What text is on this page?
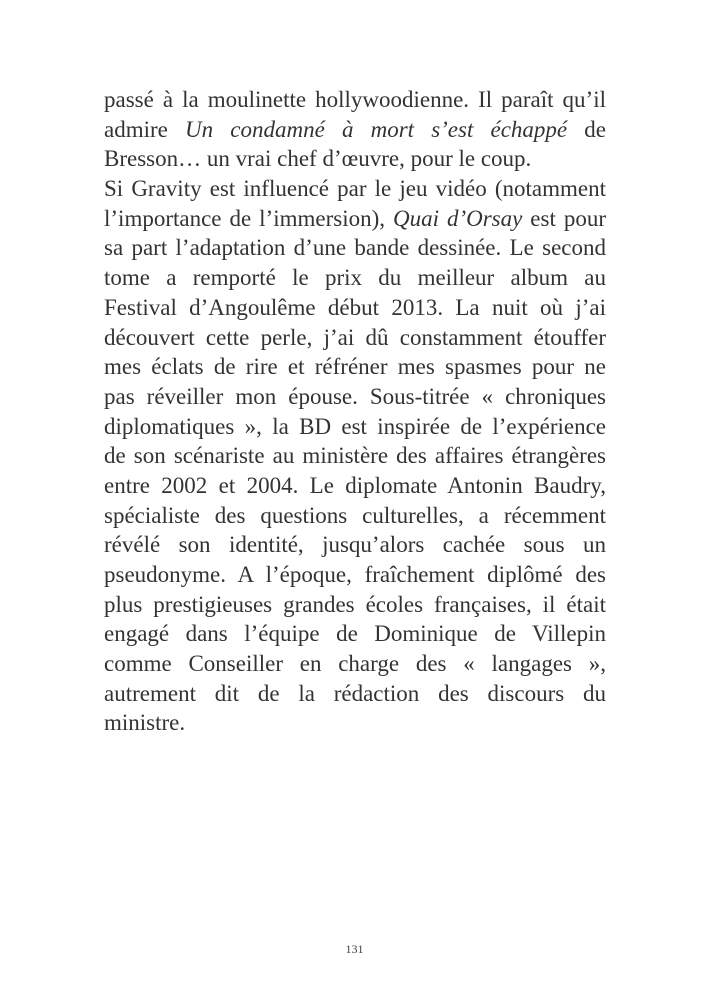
passé à la moulinette hollywoodienne. Il paraît qu’il
admire Un condamné à mort s’est échappé de
Bresson… un vrai chef d’œuvre, pour le coup.
Si Gravity est influencé par le jeu vidéo (notamment
l’importance de l’immersion), Quai d’Orsay est pour
sa part l’adaptation d’une bande dessinée. Le second
tome a remporté le prix du meilleur album au
Festival d’Angoulême début 2013. La nuit où j’ai
découvert cette perle, j’ai dû constamment étouffer
mes éclats de rire et réfréner mes spasmes pour ne
pas réveiller mon épouse. Sous-titrée « chroniques
diplomatiques », la BD est inspirée de l’expérience
de son scénariste au ministère des affaires étrangères
entre 2002 et 2004. Le diplomate Antonin Baudry,
spécialiste des questions culturelles, a récemment
révélé son identité, jusqu’alors cachée sous un
pseudonyme. A l’époque, fraîchement diplômé des
plus prestigieuses grandes écoles françaises, il était
engagé dans l’équipe de Dominique de Villepin
comme Conseiller en charge des « langages »,
autrement dit de la rédaction des discours du
ministre.
131
